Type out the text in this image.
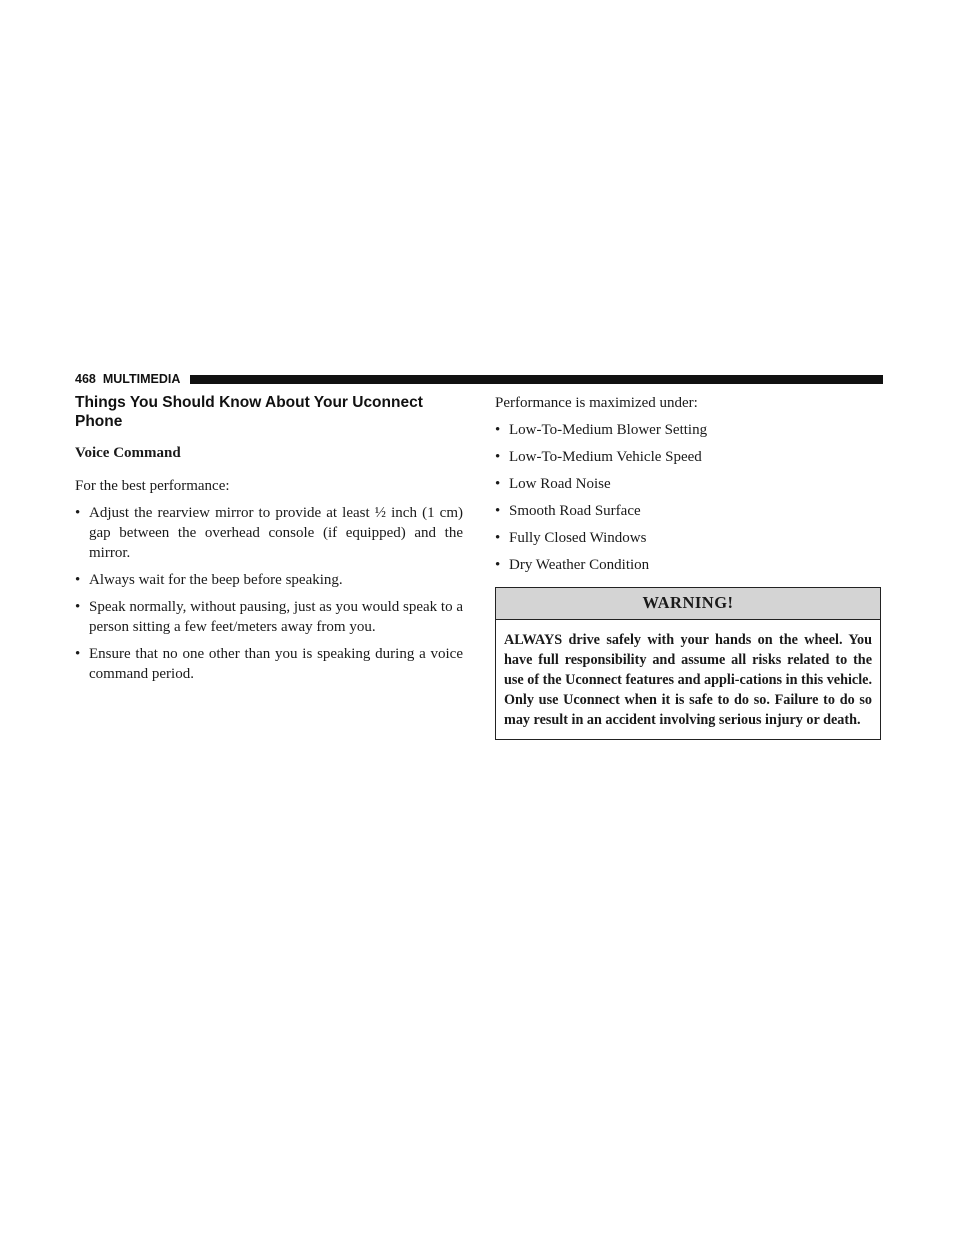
468 MULTIMEDIA
Things You Should Know About Your Uconnect Phone
Voice Command

For the best performance:

• Adjust the rearview mirror to provide at least ½ inch (1 cm) gap between the overhead console (if equipped) and the mirror.
• Always wait for the beep before speaking.
• Speak normally, without pausing, just as you would speak to a person sitting a few feet/meters away from you.
• Ensure that no one other than you is speaking during a voice command period.

Performance is maximized under:

• Low-To-Medium Blower Setting
• Low-To-Medium Vehicle Speed
• Low Road Noise
• Smooth Road Surface
• Fully Closed Windows
• Dry Weather Condition
WARNING!
ALWAYS drive safely with your hands on the wheel. You have full responsibility and assume all risks related to the use of the Uconnect features and appli-cations in this vehicle. Only use Uconnect when it is safe to do so. Failure to do so may result in an accident involving serious injury or death.
